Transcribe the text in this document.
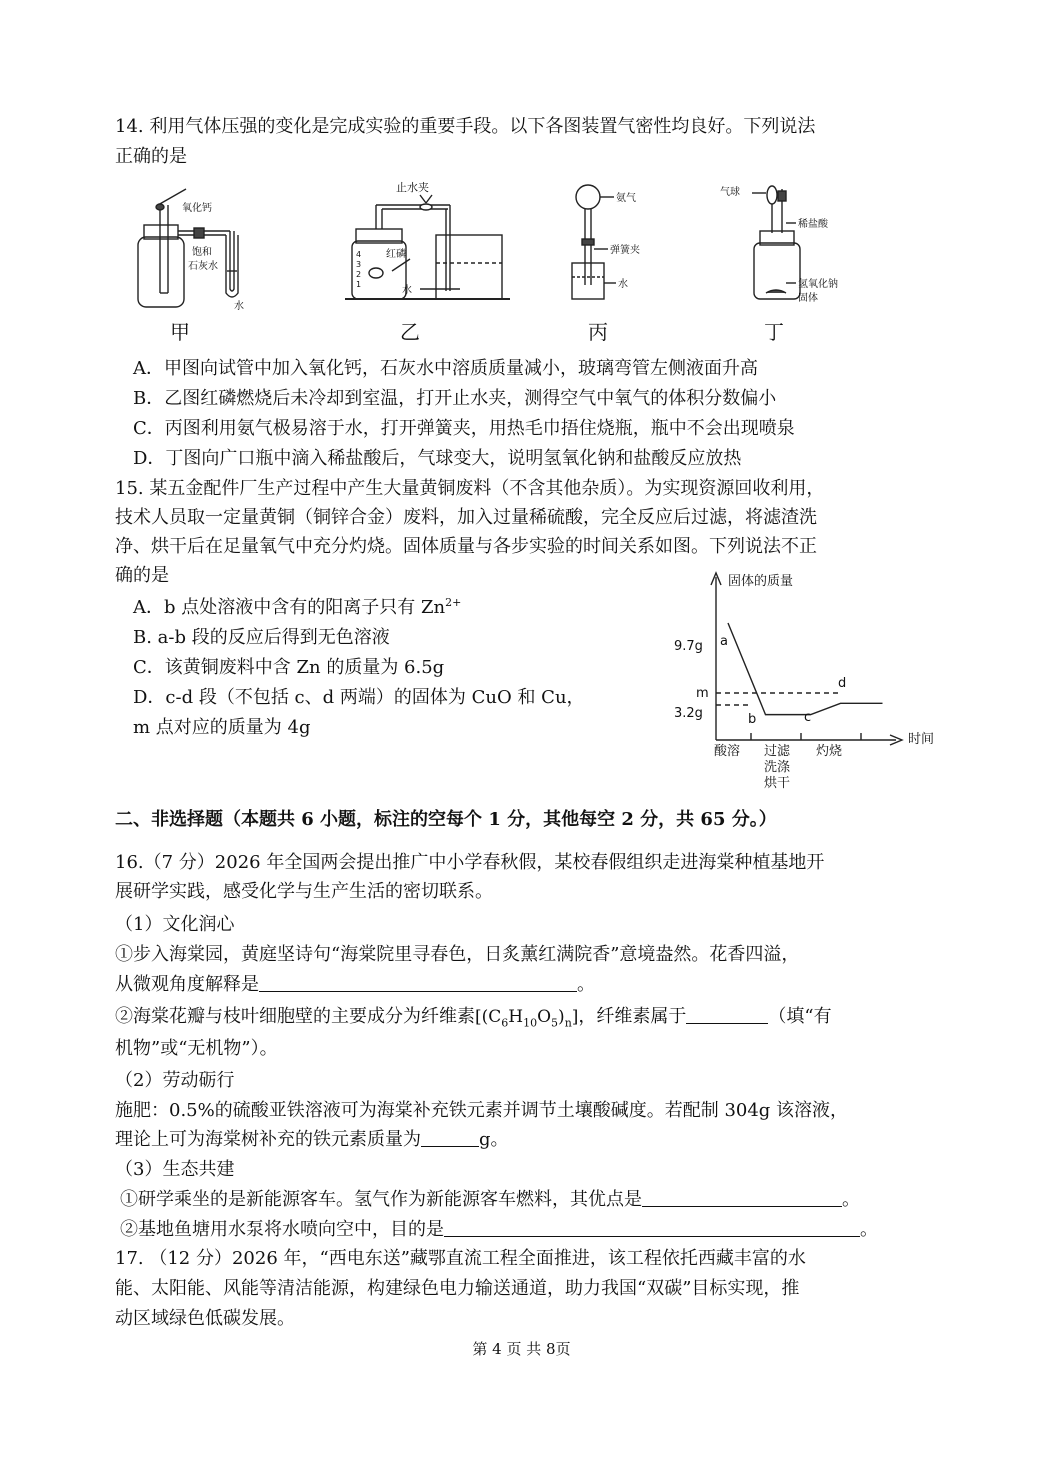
14. 利用气体压强的变化是完成实验的重要手段。以下各图装置气密性均良好。下列说法
正确的是
氧化钙
饱和
石灰水
水
止水夹
红磷
水
4
3
2
1
氨气
弹簧夹
水
气球
稀盐酸
氢氧化钠
固体
甲	乙	丙	丁
A．甲图向试管中加入氧化钙，石灰水中溶质质量减小，玻璃弯管左侧液面升高
B．乙图红磷燃烧后未冷却到室温，打开止水夹，测得空气中氧气的体积分数偏小
C．丙图利用氨气极易溶于水，打开弹簧夹，用热毛巾捂住烧瓶，瓶中不会出现喷泉
D．丁图向广口瓶中滴入稀盐酸后，气球变大，说明氢氧化钠和盐酸反应放热
15. 某五金配件厂生产过程中产生大量黄铜废料（不含其他杂质）。为实现资源回收利用，
技术人员取一定量黄铜（铜锌合金）废料，加入过量稀硫酸，完全反应后过滤，将滤渣洗
净、烘干后在足量氧气中充分灼烧。固体质量与各步实验的时间关系如图。下列说法不正
确的是
A．b 点处溶液中含有的阳离子只有 $Zn^{2+}$
B. a-b 段的反应后得到无色溶液
C．该黄铜废料中含 Zn 的质量为 6.5g
D．c-d 段（不包括 c、d 两端）的固体为 CuO 和 Cu，
m 点对应的质量为 4g
固体的质量
时间
9.7g
m
3.2g
a
b	c
d
酸溶 过滤
洗涤
烘干
灼烧
二、非选择题（本题共 6 小题，标注的空每个 1 分，其他每空 2 分，共 65 分。）
16.（7 分）2026 年全国两会提出推广中小学春秋假，某校春假组织走进海棠种植基地开
展研学实践，感受化学与生产生活的密切联系。
（1）文化润心
①步入海棠园，黄庭坚诗句“海棠院里寻春色，日炙薰红满院香”意境盎然。花香四溢，
从微观角度解释是	。
②海棠花瓣与枝叶细胞壁的主要成分为纤维素$[(C_6H_{10}O_5)_n]$，纤维素属于	（填“有
机物”或“无机物”）。
（2）劳动砺行
施肥：0.5%的硫酸亚铁溶液可为海棠补充铁元素并调节土壤酸碱度。若配制 304g 该溶液，
理论上可为海棠树补充的铁元素质量为	g。
（3）生态共建
①研学乘坐的是新能源客车。氢气作为新能源客车燃料，其优点是	。
②基地鱼塘用水泵将水喷向空中，目的是	。
17. （12 分）2026 年，“西电东送”藏鄂直流工程全面推进，该工程依托西藏丰富的水
能、太阳能、风能等清洁能源，构建绿色电力输送通道，助力我国“双碳”目标实现，推
动区域绿色低碳发展。
第 4 页 共 8页
